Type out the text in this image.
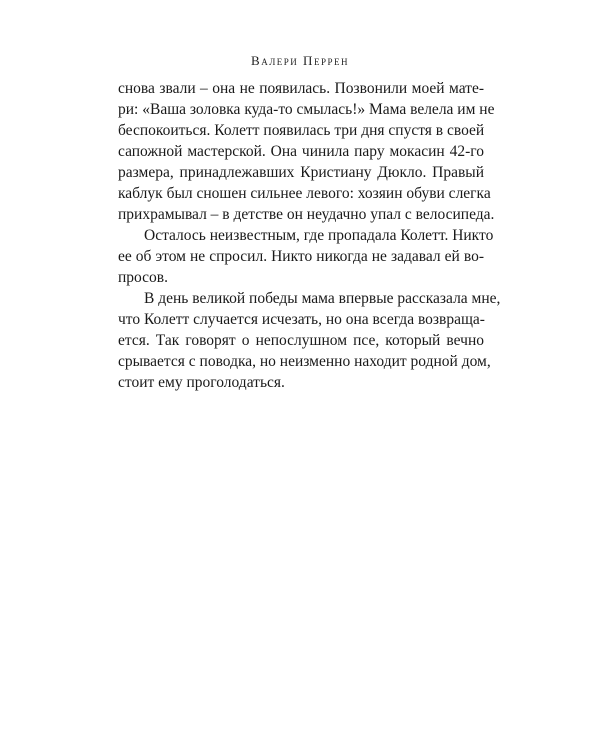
Валери Перрен
снова звали – она не появилась. Позвонили моей мате-
ри: «Ваша золовка куда-то смылась!» Мама велела им не
беспокоиться. Колетт появилась три дня спустя в своей
сапожной мастерской. Она чинила пару мокасин 42-го
размера, принадлежавших Кристиану Дюкло. Правый
каблук был сношен сильнее левого: хозяин обуви слегка
прихрамывал – в детстве он неудачно упал с велосипеда.
Осталось неизвестным, где пропадала Колетт. Никто
ее об этом не спросил. Никто никогда не задавал ей во-
просов.
В день великой победы мама впервые рассказала мне,
что Колетт случается исчезать, но она всегда возвраща-
ется. Так говорят о непослушном псе, который вечно
срывается с поводка, но неизменно находит родной дом,
стоит ему проголодаться.
